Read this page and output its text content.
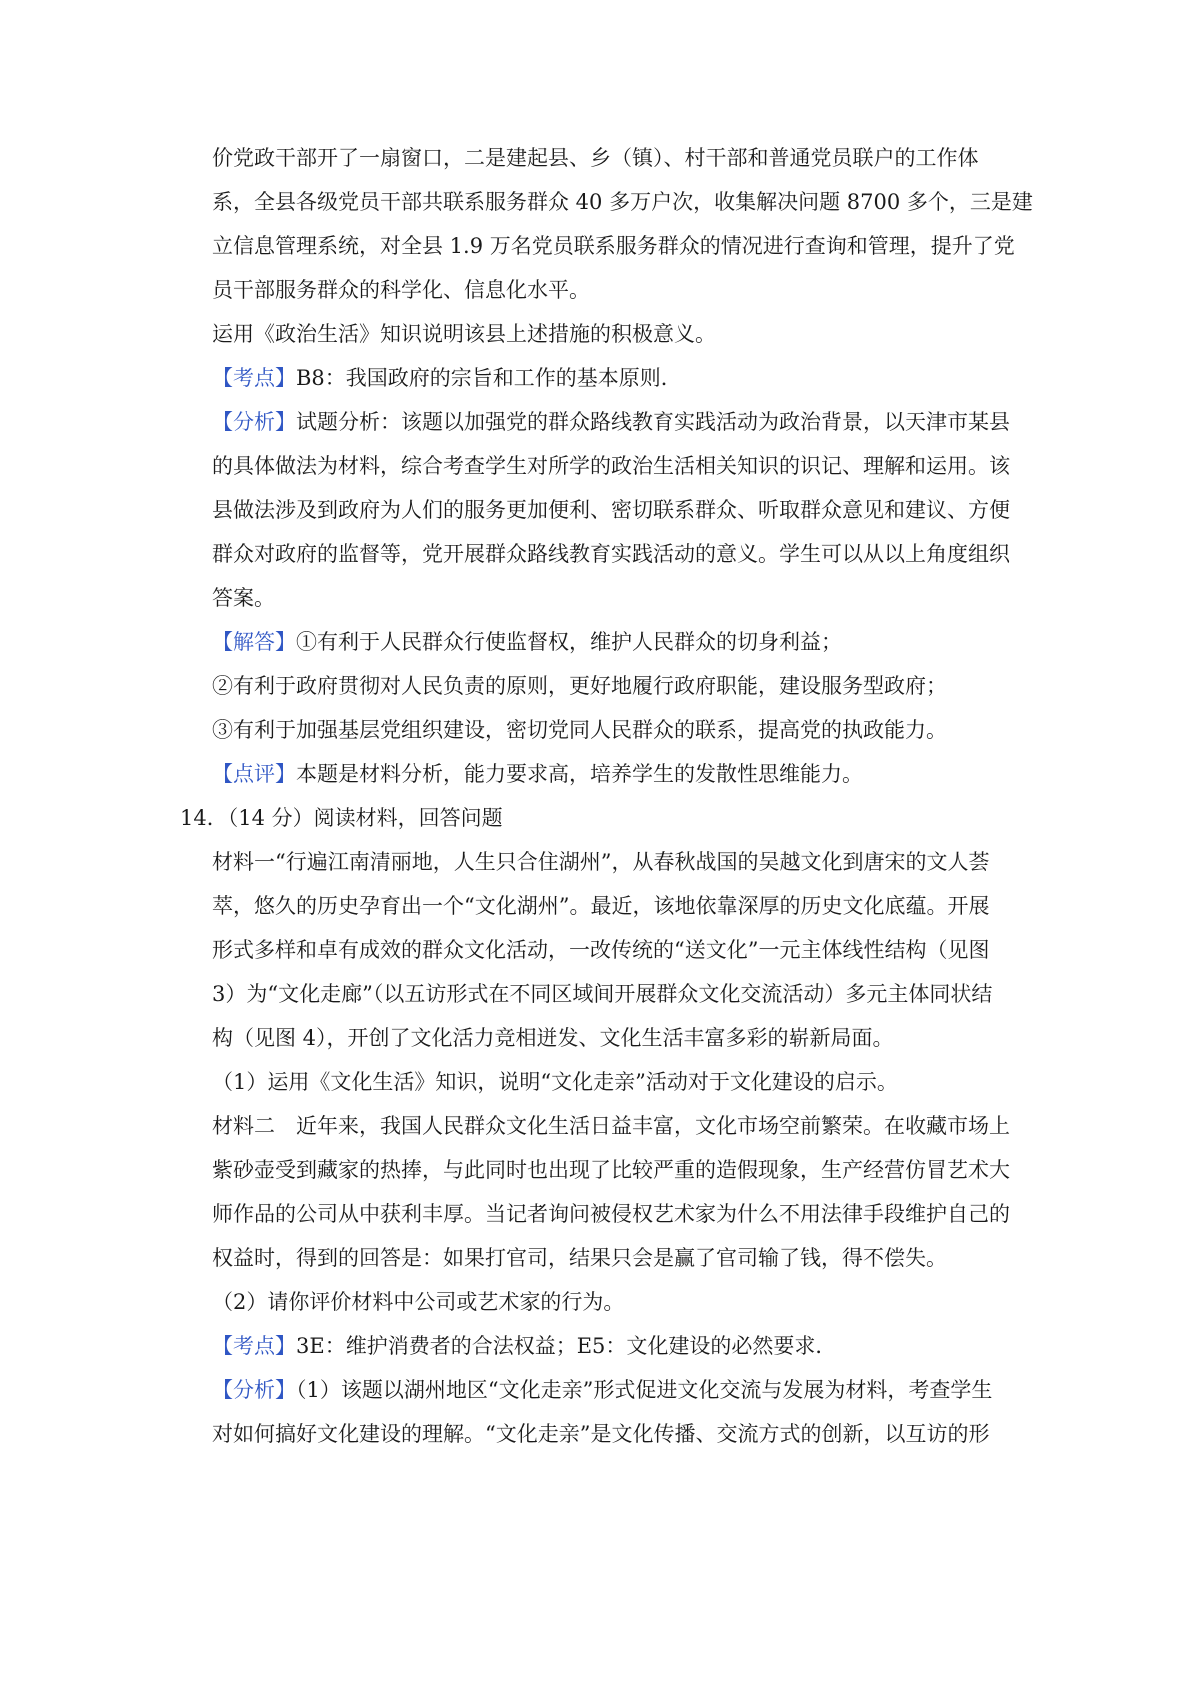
价党政干部开了一扇窗口，二是建起县、乡（镇）、村干部和普通党员联户的工作体
系，全县各级党员干部共联系服务群众 40 多万户次，收集解决问题 8700 多个，三是建
立信息管理系统，对全县 1.9 万名党员联系服务群众的情况进行查询和管理，提升了党
员干部服务群众的科学化、信息化水平。
运用《政治生活》知识说明该县上述措施的积极意义。
【考点】B8：我国政府的宗旨和工作的基本原则．
【分析】试题分析：该题以加强党的群众路线教育实践活动为政治背景，以天津市某县
的具体做法为材料，综合考查学生对所学的政治生活相关知识的识记、理解和运用。该
县做法涉及到政府为人们的服务更加便利、密切联系群众、听取群众意见和建议、方便
群众对政府的监督等，党开展群众路线教育实践活动的意义。学生可以从以上角度组织
答案。
【解答】①有利于人民群众行使监督权，维护人民群众的切身利益；
②有利于政府贯彻对人民负责的原则，更好地履行政府职能，建设服务型政府；
③有利于加强基层党组织建设，密切党同人民群众的联系，提高党的执政能力。
【点评】本题是材料分析，能力要求高，培养学生的发散性思维能力。
14．（14 分）阅读材料，回答问题
材料一“行遍江南清丽地，人生只合住湖州”，从春秋战国的吴越文化到唐宋的文人荟
萃，悠久的历史孕育出一个“文化湖州”。最近，该地依靠深厚的历史文化底蕴。开展
形式多样和卓有成效的群众文化活动，一改传统的“送文化”一元主体线性结构（见图
3）为“文化走廊”（以五访形式在不同区域间开展群众文化交流活动）多元主体同状结
构（见图 4），开创了文化活力竞相迸发、文化生活丰富多彩的崭新局面。
（1）运用《文化生活》知识，说明“文化走亲”活动对于文化建设的启示。
材料二　近年来，我国人民群众文化生活日益丰富，文化市场空前繁荣。在收藏市场上
紫砂壶受到藏家的热捧，与此同时也出现了比较严重的造假现象，生产经营仿冒艺术大
师作品的公司从中获利丰厚。当记者询问被侵权艺术家为什么不用法律手段维护自己的
权益时，得到的回答是：如果打官司，结果只会是赢了官司输了钱，得不偿失。
（2）请你评价材料中公司或艺术家的行为。
【考点】3E：维护消费者的合法权益；E5：文化建设的必然要求．
【分析】（1）该题以湖州地区“文化走亲”形式促进文化交流与发展为材料，考查学生
对如何搞好文化建设的理解。“文化走亲”是文化传播、交流方式的创新，以互访的形
